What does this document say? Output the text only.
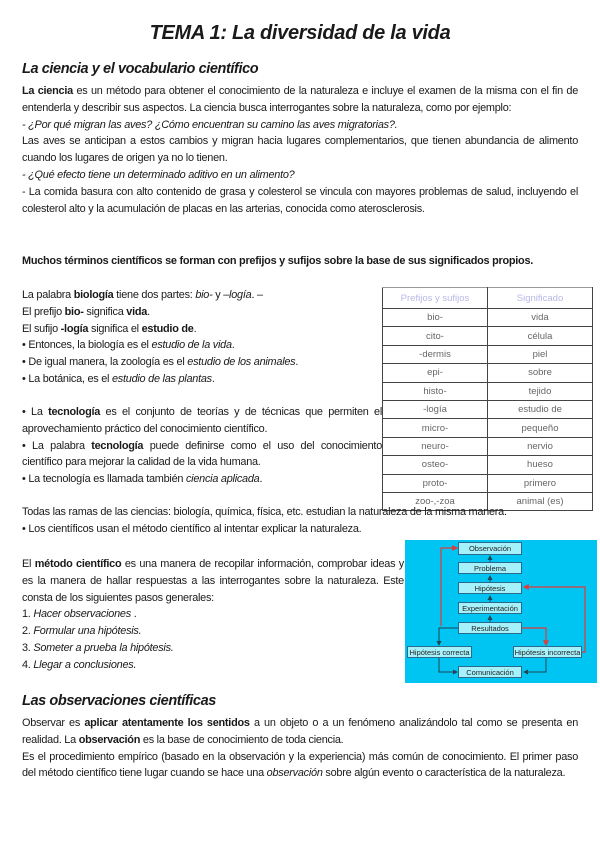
TEMA 1: La diversidad de la vida
La ciencia y el vocabulario científico
La ciencia es un método para obtener el conocimiento de la naturaleza e incluye el examen de la misma con el fin de entenderla y describir sus aspectos. La ciencia busca interrogantes sobre la naturaleza, como por ejemplo:
- ¿Por qué migran las aves? ¿Cómo encuentran su camino las aves migratorias?.
Las aves se anticipan a estos cambios y migran hacia lugares complementarios, que tienen abundancia de alimento cuando los lugares de origen ya no lo tienen.
- ¿Qué efecto tiene un determinado aditivo en un alimento?
- La comida basura con alto contenido de grasa y colesterol se vincula con mayores problemas de salud, incluyendo el colesterol alto y la acumulación de placas en las arterias, conocida como aterosclerosis.
Muchos términos científicos se forman con prefijos y sufijos sobre la base de sus significados propios.
La palabra biología tiene dos partes: bio- y –logía. –
El prefijo bio- significa vida.
El sufijo -logía significa el estudio de.
• Entonces, la biología es el estudio de la vida.
• De igual manera, la zoología es el estudio de los animales.
• La botánica, es el estudio de las plantas.
• La tecnología es el conjunto de teorías y de técnicas que permiten el aprovechamiento práctico del conocimiento científico.
• La palabra tecnología puede definirse como el uso del conocimiento científico para mejorar la calidad de la vida humana.
• La tecnología es llamada también ciencia aplicada.
Prefijos y sufijos	Significado
bio-	vida
cito-	célula
-dermis	piel
epi-	sobre
histo-	tejido
-logía	estudio de
micro-	pequeño
neuro-	nervio
osteo-	hueso
proto-	primero
zoo-,-zoa	animal (es)
Todas las ramas de las ciencias: biología, química, física, etc. estudian la naturaleza de la misma manera.
• Los científicos usan el método científico al intentar explicar la naturaleza.
El método científico es una manera de recopilar información, comprobar ideas y es la manera de hallar respuestas a las interrogantes sobre la naturaleza. Este consta de los siguientes pasos generales:
1. Hacer observaciones .
2. Formular una hipótesis.
3. Someter a prueba la hipótesis.
4. Llegar a conclusiones.
Observación
Problema
Hipótesis
Experimentación
Resultados
Hipótesis correcta	Hipótesis incorrecta
Comunicación
Las observaciones científicas
Observar es aplicar atentamente los sentidos a un objeto o a un fenómeno analizándolo tal como se presenta en realidad. La observación es la base de conocimiento de toda ciencia.
Es el procedimiento empírico (basado en la observación y la experiencia) más común de conocimiento. El primer paso del método científico tiene lugar cuando se hace una observación sobre algún evento o característica de la naturaleza.
